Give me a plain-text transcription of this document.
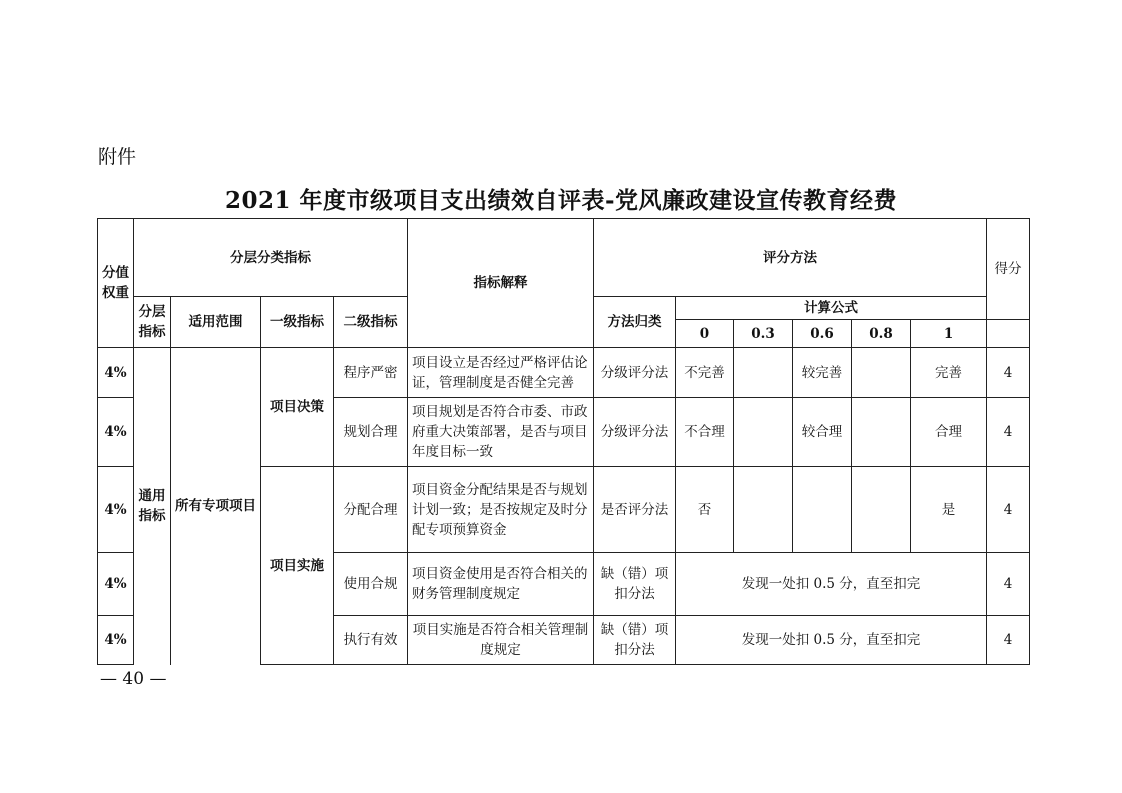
附件
2021 年度市级项目支出绩效自评表-党风廉政建设宣传教育经费
分值权重	分层分类指标				指标解释	评分方法						得分
	分层指标	适用范围	一级指标	二级指标		方法归类	计算公式					
							0	0.3	0.6	0.8	1	
4%	通用指标	所有专项项目	项目决策	程序严密	项目设立是否经过严格评估论证，管理制度是否健全完善	分级评分法	不完善		较完善		完善	4
4%				规划合理	项目规划是否符合市委、市政府重大决策部署，是否与项目年度目标一致	分级评分法	不合理		较合理		合理	4
4%			项目实施	分配合理	项目资金分配结果是否与规划计划一致；是否按规定及时分配专项预算资金	是否评分法	否				是	4
4%				使用合规	项目资金使用是否符合相关的财务管理制度规定	缺（错）项扣分法	发现一处扣 0.5 分，直至扣完					4
4%				执行有效	项目实施是否符合相关管理制度规定	缺（错）项扣分法	发现一处扣 0.5 分，直至扣完					4
— 40 —
